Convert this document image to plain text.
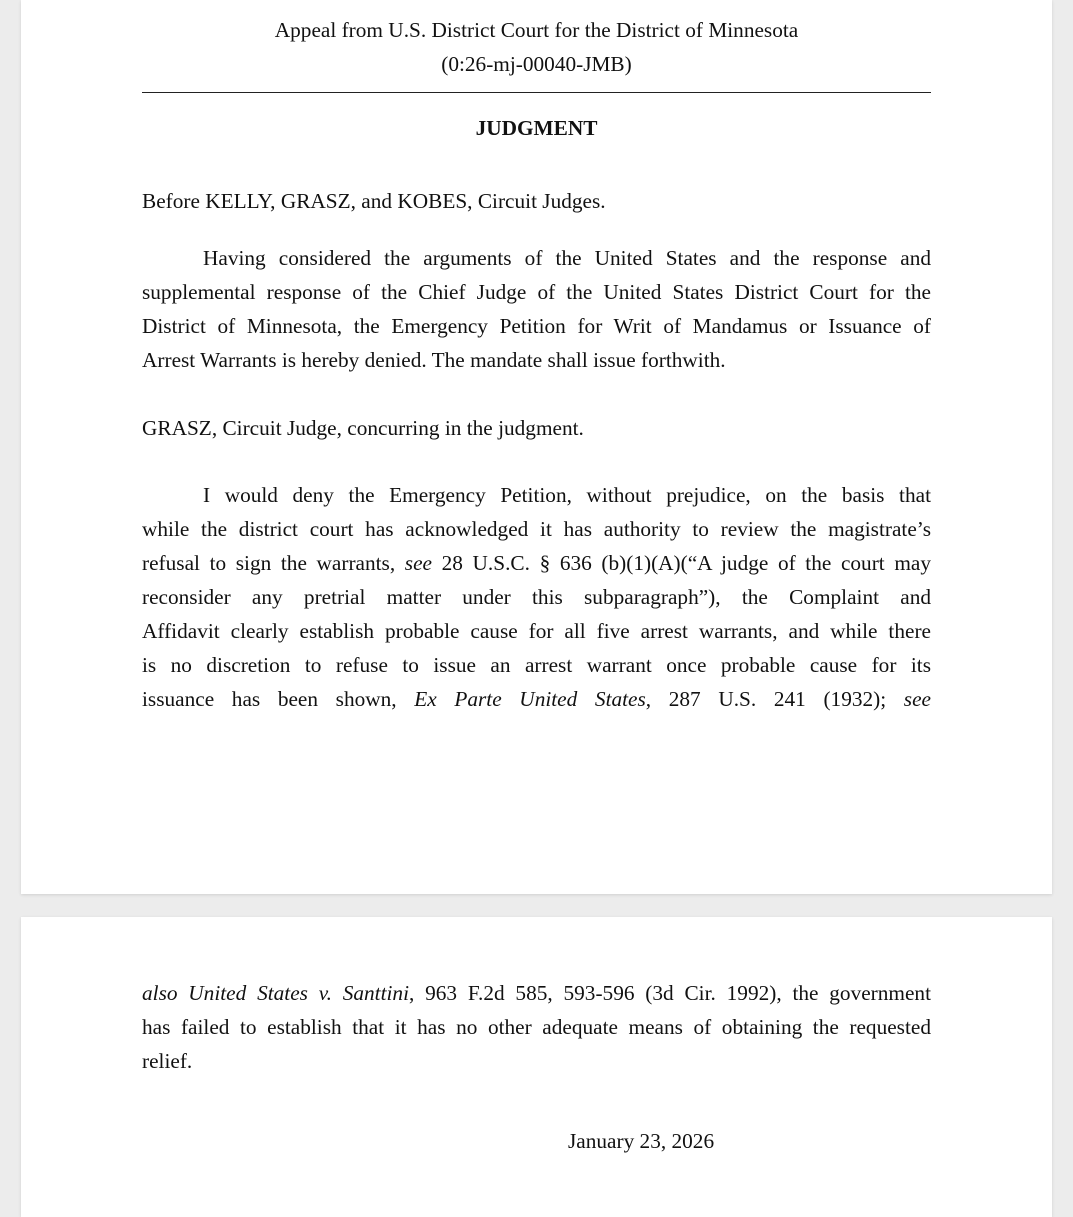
Appeal from U.S. District Court for the District of Minnesota
(0:26-mj-00040-JMB)
JUDGMENT
Before KELLY, GRASZ, and KOBES, Circuit Judges.
Having considered the arguments of the United States and the response and
supplemental response of the Chief Judge of the United States District Court for the
District of Minnesota, the Emergency Petition for Writ of Mandamus or Issuance of
Arrest Warrants is hereby denied. The mandate shall issue forthwith.
GRASZ, Circuit Judge, concurring in the judgment.
I would deny the Emergency Petition, without prejudice, on the basis that
while the district court has acknowledged it has authority to review the magistrate’s
refusal to sign the warrants, see 28 U.S.C. § 636 (b)(1)(A)(“A judge of the court may
reconsider any pretrial matter under this subparagraph”), the Complaint and
Affidavit clearly establish probable cause for all five arrest warrants, and while there
is no discretion to refuse to issue an arrest warrant once probable cause for its
issuance has been shown, Ex Parte United States, 287 U.S. 241 (1932); see
also United States v. Santtini, 963 F.2d 585, 593-596 (3d Cir. 1992), the government
has failed to establish that it has no other adequate means of obtaining the requested
relief.
January 23, 2026
